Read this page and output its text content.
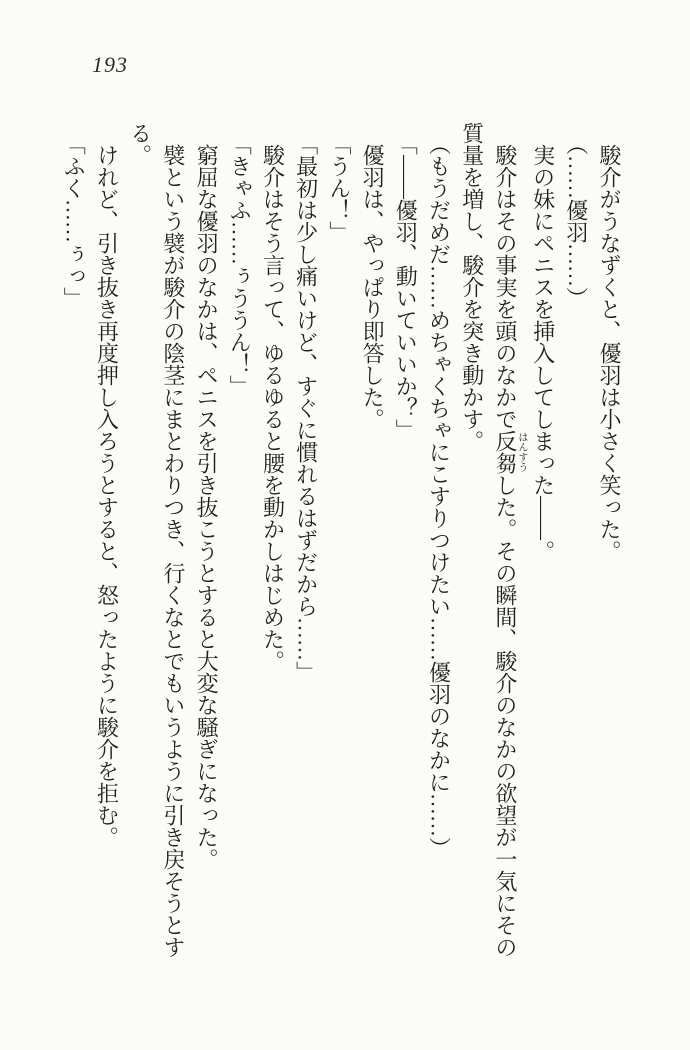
193

駿介がうなずくと、優羽は小さく笑った。

（……優羽……）

実の妹にペニスを挿入してしまった――。

駿介はその事実を頭のなかで反芻はんすうした。その瞬間、駿介のなかの欲望が一気にその質量を増し、駿介を突き動かす。

（もうだめだ……めちゃくちゃにこすりつけたい……優羽のなかに……）

「――優羽、動いていいか？」

優羽は、やっぱり即答した。

「うん！」

「最初は少し痛いけど、すぐに慣れるはずだから……」

駿介はそう言って、ゆるゆると腰を動かしはじめた。

「きゃふ……ぅううん！」

窮屈な優羽のなかは、ペニスを引き抜こうとすると大変な騒ぎになった。

襞という襞が駿介の陰茎にまとわりつき、行くなとでもいうように引き戻そうとする。

けれど、引き抜き再度押し入ろうとすると、怒ったように駿介を拒む。

「ふく……ぅっ」
